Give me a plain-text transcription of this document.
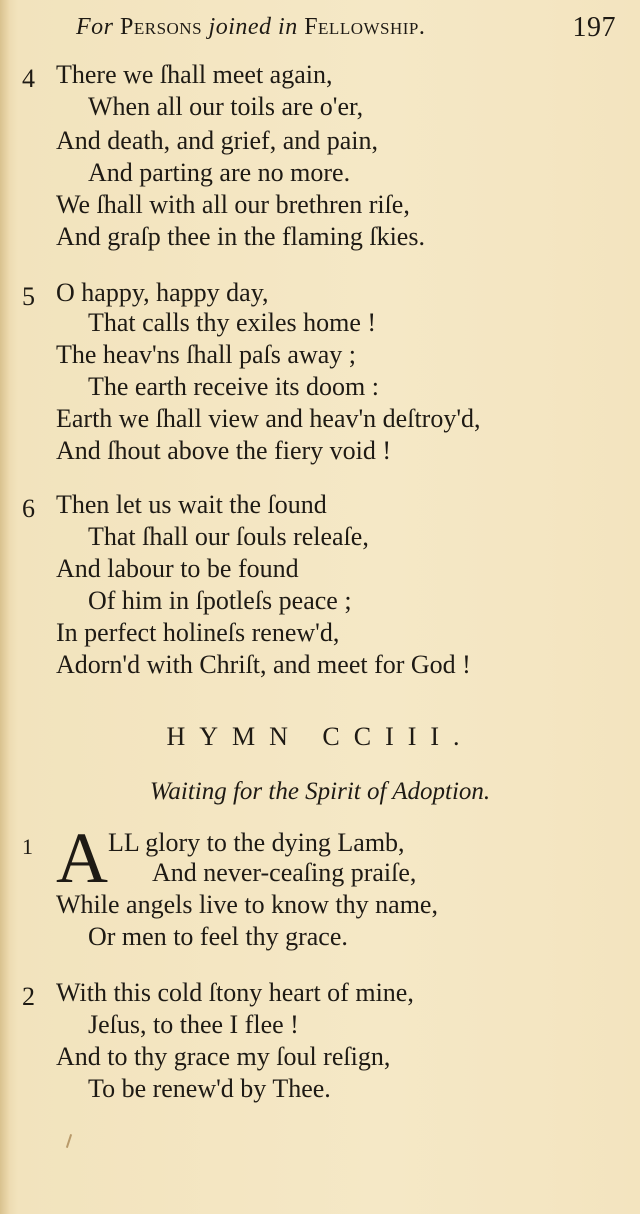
For Persons joined in Fellowship.	197
4 There we ſhall meet again,
When all our toils are o'er,
And death, and grief, and pain,
And parting are no more.
We ſhall with all our brethren riſe,
And graſp thee in the flaming ſkies.
5 O happy, happy day,
That calls thy exiles home !
The heav'ns ſhall paſs away ;
The earth receive its doom :
Earth we ſhall view and heav'n deſtroy'd,
And ſhout above the fiery void !
6 Then let us wait the ſound
That ſhall our ſouls releaſe,
And labour to be found
Of him in ſpotleſs peace ;
In perfect holineſs renew'd,
Adorn'd with Chriſt, and meet for God !
HYMN CCIII.
Waiting for the Spirit of Adoption.
1 A LL glory to the dying Lamb,
And never-ceaſing praiſe,
While angels live to know thy name,
Or men to feel thy grace.
2 With this cold ſtony heart of mine,
Jeſus, to thee I flee !
And to thy grace my ſoul reſign,
To be renew'd by Thee.
